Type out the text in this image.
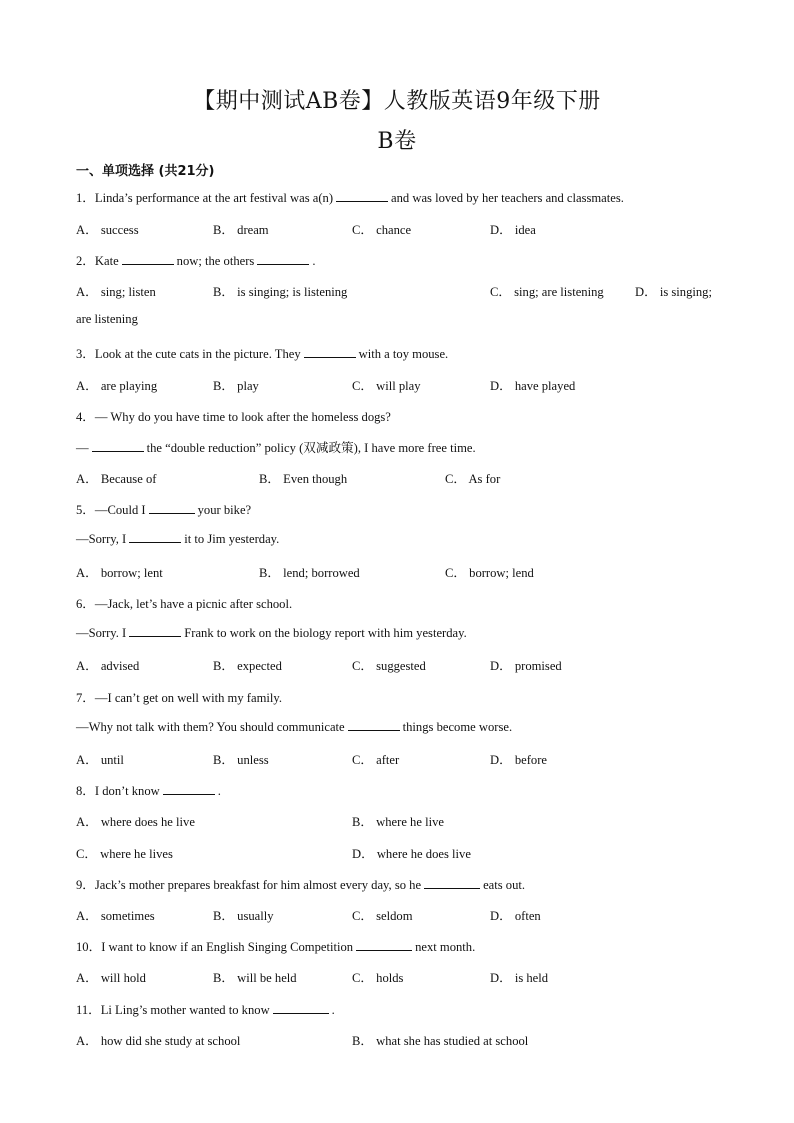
【期中测试AB卷】人教版英语9年级下册
B卷
一、单项选择 (共21分)
1．Linda’s performance at the art festival was a(n)	and was loved by her teachers and classmates.
A． success	B． dream	C． chance	D． idea
2．Kate	now; the others	.
A． sing; listen	B． is singing; is listening	C． sing; are listening D． is singing;
are listening
3．Look at the cute cats in the picture. They	with a toy mouse.
A． are playing	B． play	C． will play	D． have played
4．— Why do you have time to look after the homeless dogs?
—	the “double reduction” policy (双减政策), I have more free time.
A． Because of	B． Even though	C． As for
5．—Could I	your bike?
—Sorry, I	it to Jim yesterday.
A． borrow; lent	B． lend; borrowed	C． borrow; lend
6．—Jack, let’s have a picnic after school.
—Sorry. I	Frank to work on the biology report with him yesterday.
A． advised	B． expected	C． suggested	D． promised
7．—I can’t get on well with my family.
—Why not talk with them? You should communicate	things become worse.
A． until	B． unless	C． after	D． before
8．I don’t know	.
A． where does he live	B． where he live
C． where he lives	D． where he does live
9．Jack’s mother prepares breakfast for him almost every day, so he	eats out.
A． sometimes	B． usually	C． seldom	D． often
10．I want to know if an English Singing Competition	next month.
A． will hold	B． will be held	C． holds	D． is held
11．Li Ling’s mother wanted to know	.
A． how did she study at school	B． what she has studied at school
